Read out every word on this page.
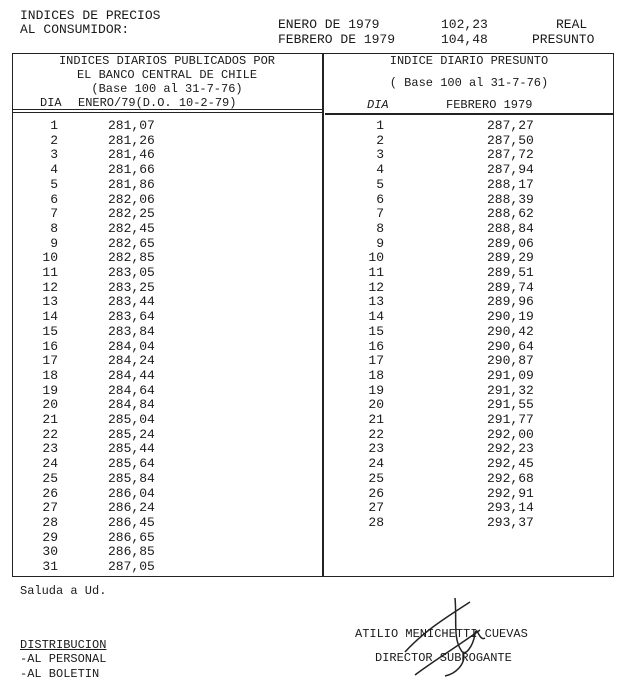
INDICES DE PRECIOS
AL CONSUMIDOR:	ENERO DE 1979	102,23	REAL
FEBRERO DE 1979	104,48	PRESUNTO
INDICES DIARIOS PUBLICADOS POR
EL BANCO CENTRAL DE CHILE
(Base 100 al 31-7-76)
DIA ENERO/79(D.O. 10-2-79)
INDICE DIARIO PRESUNTO
( Base 100 al 31-7-76)
DIA	FEBRERO 1979
1	281,07
2	281,26
3	281,46
4	281,66
5	281,86
6	282,06
7	282,25
8	282,45
9	282,65
10	282,85
11	283,05
12	283,25
13	283,44
14	283,64
15	283,84
16	284,04
17	284,24
18	284,44
19	284,64
20	284,84
21	285,04
22	285,24
23	285,44
24	285,64
25	285,84
26	286,04
27	286,24
28	286,45
29	286,65
30	286,85
31	287,05
1	287,27
2	287,50
3	287,72
4	287,94
5	288,17
6	288,39
7	288,62
8	288,84
9	289,06
10	289,29
11	289,51
12	289,74
13	289,96
14	290,19
15	290,42
16	290,64
17	290,87
18	291,09
19	291,32
20	291,55
21	291,77
22	292,00
23	292,23
24	292,45
25	292,68
26	292,91
27	293,14
28	293,37
Saluda a Ud.
ATILIO MENICHETTI CUEVAS
DIRECTOR SUBROGANTE
DISTRIBUCION
-AL PERSONAL
-AL BOLETIN
